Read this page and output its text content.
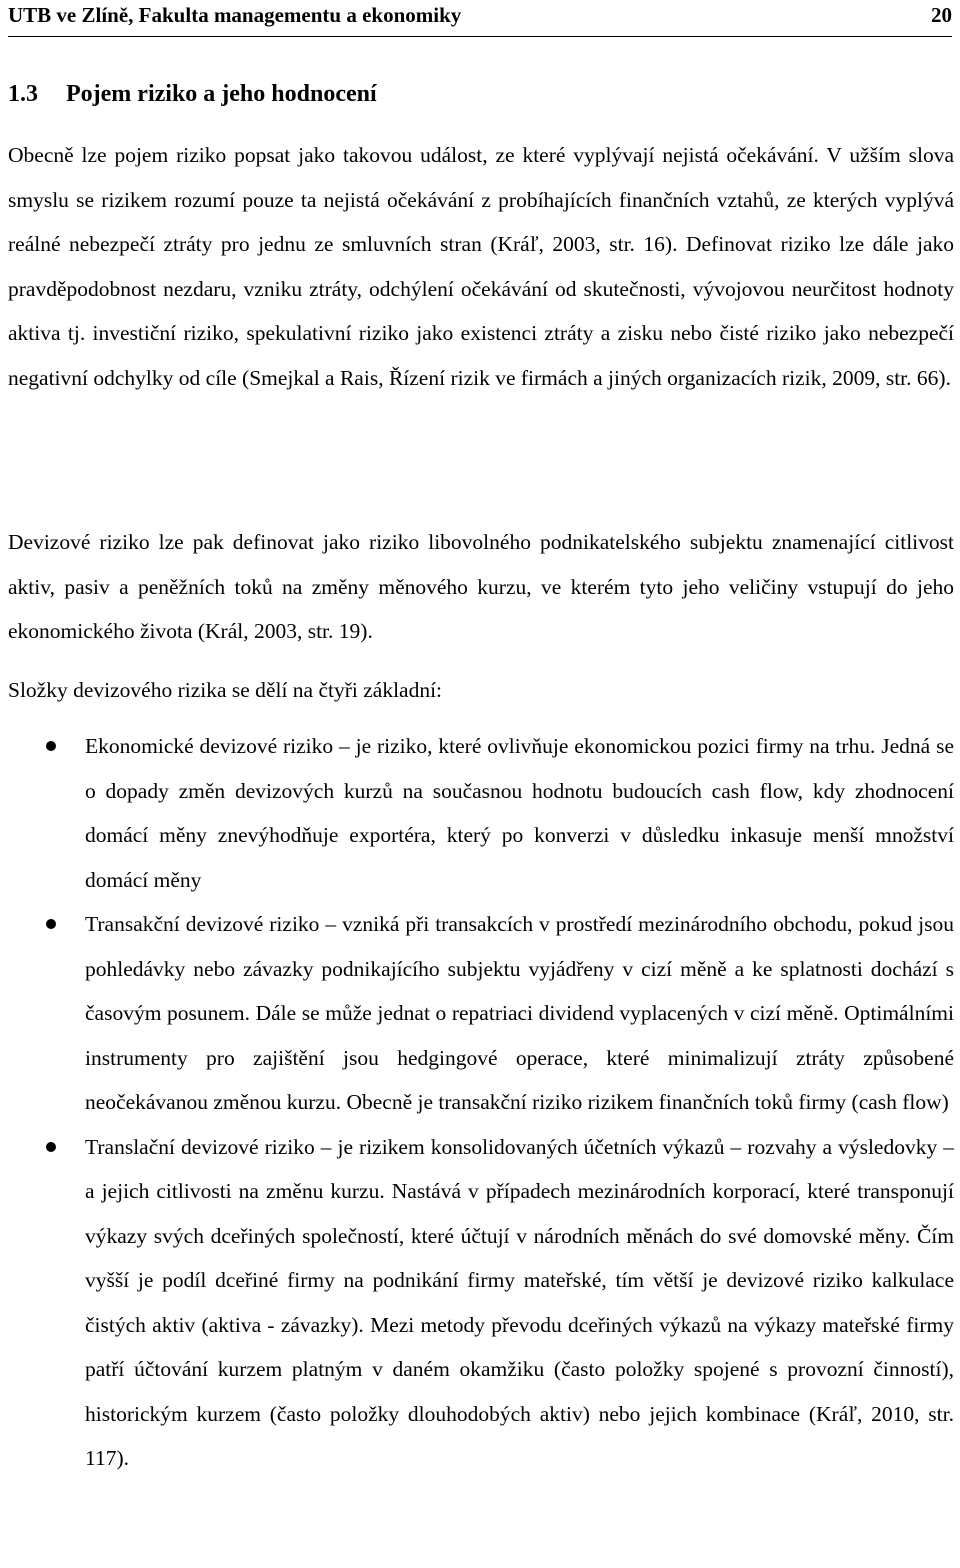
UTB ve Zlíně, Fakulta managementu a ekonomiky	20
1.3 Pojem riziko a jeho hodnocení

Obecně lze pojem riziko popsat jako takovou událost, ze které vyplývají nejistá očekávání. V užším slova smyslu se rizikem rozumí pouze ta nejistá očekávání z probíhajících finančních vztahů, ze kterých vyplývá reálné nebezpečí ztráty pro jednu ze smluvních stran (Kráľ, 2003, str. 16). Definovat riziko lze dále jako pravděpodobnost nezdaru, vzniku ztráty, odchýlení očekávání od skutečnosti, vývojovou neurčitost hodnoty aktiva tj. investiční riziko, spekulativní riziko jako existenci ztráty a zisku nebo čisté riziko jako nebezpečí negativní odchylky od cíle (Smejkal a Rais, Řízení rizik ve firmách a jiných organizacích rizik, 2009, str. 66).

Devizové riziko lze pak definovat jako riziko libovolného podnikatelského subjektu znamenající citlivost aktiv, pasiv a peněžních toků na změny měnového kurzu, ve kterém tyto jeho veličiny vstupují do jeho ekonomického života (Král, 2003, str. 19).

Složky devizového rizika se dělí na čtyři základní:

Ekonomické devizové riziko – je riziko, které ovlivňuje ekonomickou pozici firmy na trhu. Jedná se o dopady změn devizových kurzů na současnou hodnotu budoucích cash flow, kdy zhodnocení domácí měny znevýhodňuje exportéra, který po konverzi v důsledku inkasuje menší množství domácí měny
Transakční devizové riziko – vzniká při transakcích v prostředí mezinárodního obchodu, pokud jsou pohledávky nebo závazky podnikajícího subjektu vyjádřeny v cizí měně a ke splatnosti dochází s časovým posunem. Dále se může jednat o repatriaci dividend vyplacených v cizí měně. Optimálními instrumenty pro zajištění jsou hedgingové operace, které minimalizují ztráty způsobené neočekávanou změnou kurzu. Obecně je transakční riziko rizikem finančních toků firmy (cash flow)
Translační devizové riziko – je rizikem konsolidovaných účetních výkazů – rozvahy a výsledovky – a jejich citlivosti na změnu kurzu. Nastává v případech mezinárodních korporací, které transponují výkazy svých dceřiných společností, které účtují v národních měnách do své domovské měny. Čím vyšší je podíl dceřiné firmy na podnikání firmy mateřské, tím větší je devizové riziko kalkulace čistých aktiv (aktiva - závazky). Mezi metody převodu dceřiných výkazů na výkazy mateřské firmy patří účtování kurzem platným v daném okamžiku (často položky spojené s provozní činností), historickým kurzem (často položky dlouhodobých aktiv) nebo jejich kombinace (Kráľ, 2010, str. 117).
